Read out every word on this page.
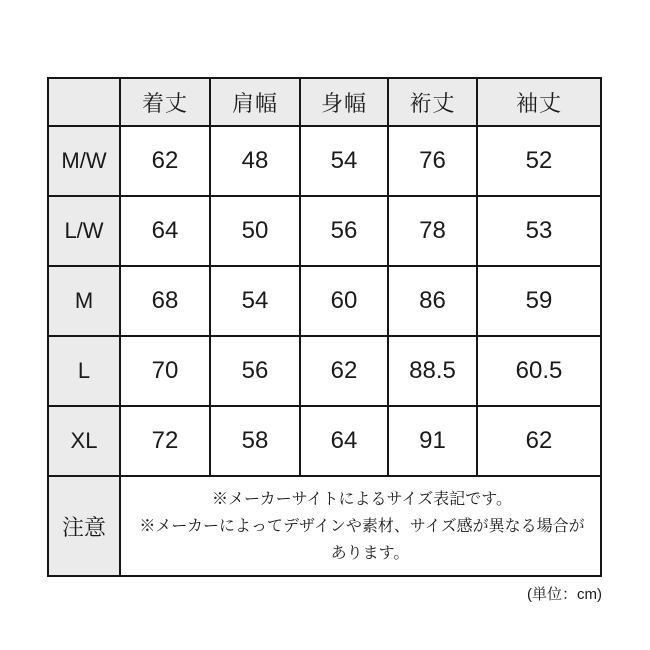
	着丈	肩幅	身幅	裄丈	袖丈
M/W	62	48	54	76	52
L/W	64	50	56	78	53
M	68	54	60	86	59
L	70	56	62	88.5	60.5
XL	72	58	64	91	62
注意	※メーカーサイトによるサイズ表記です。
※メーカーによってデザインや素材、サイズ感が異なる場合が
あります。				
(単位：cm)
